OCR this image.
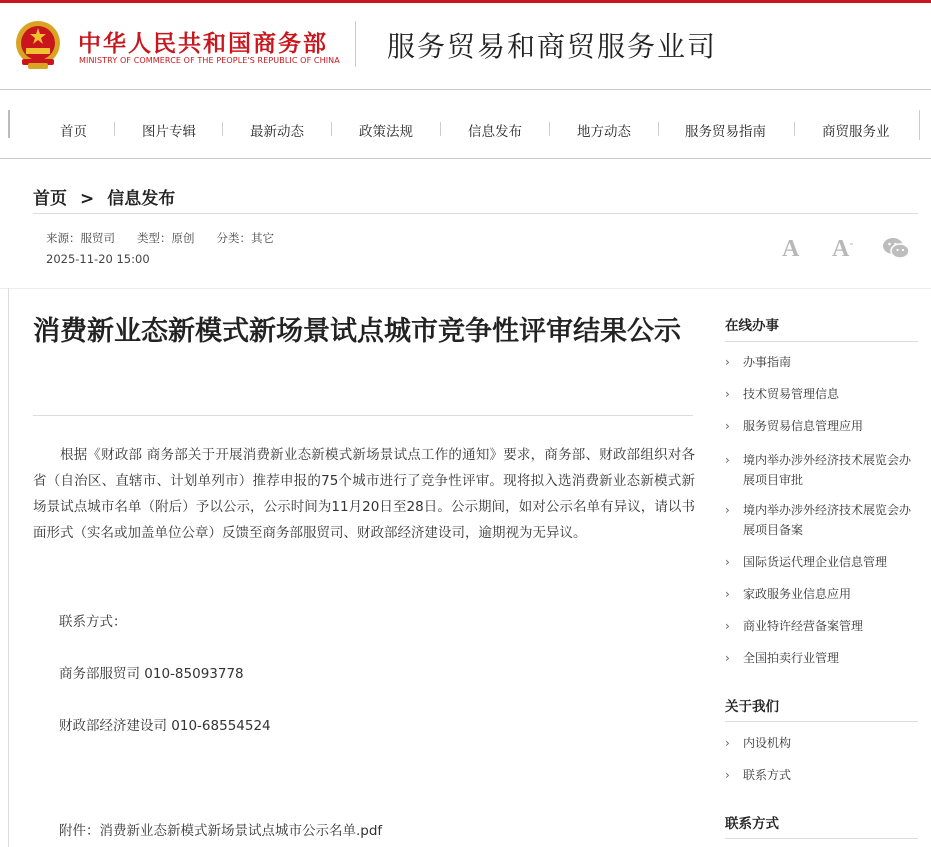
中华人民共和国商务部
MINISTRY OF COMMERCE OF THE PEOPLE'S REPUBLIC OF CHINA 服务贸易和商贸服务业司
首页	图片专辑	最新动态	政策法规	信息发布	地方动态	服务贸易指南	商贸服务业
首页 > 信息发布
来源：服贸司 类型：原创 分类：其它
2025-11-20 15:00	A A-
消费新业态新模式新场景试点城市竞争性评审结果公示
根据《财政部 商务部关于开展消费新业态新模式新场景试点工作的通知》要求，商务部、财政部组织对各省（自治区、直辖市、计划单列市）推荐申报的75个城市进行了竞争性评审。现将拟入选消费新业态新模式新场景试点城市名单（附后）予以公示，公示时间为11月20日至28日。公示期间，如对公示名单有异议，请以书面形式（实名或加盖单位公章）反馈至商务部服贸司、财政部经济建设司，逾期视为无异议。
联系方式：
商务部服贸司 010-85093778
财政部经济建设司 010-68554524
附件：消费新业态新模式新场景试点城市公示名单.pdf
在线办事
›	办事指南
›	技术贸易管理信息
›	服务贸易信息管理应用
›	境内举办涉外经济技术展览会办展项目审批
›	境内举办涉外经济技术展览会办展项目备案
›	国际货运代理企业信息管理
›	家政服务业信息应用
›	商业特许经营备案管理
›	全国拍卖行业管理
关于我们
›	内设机构
›	联系方式
联系方式
